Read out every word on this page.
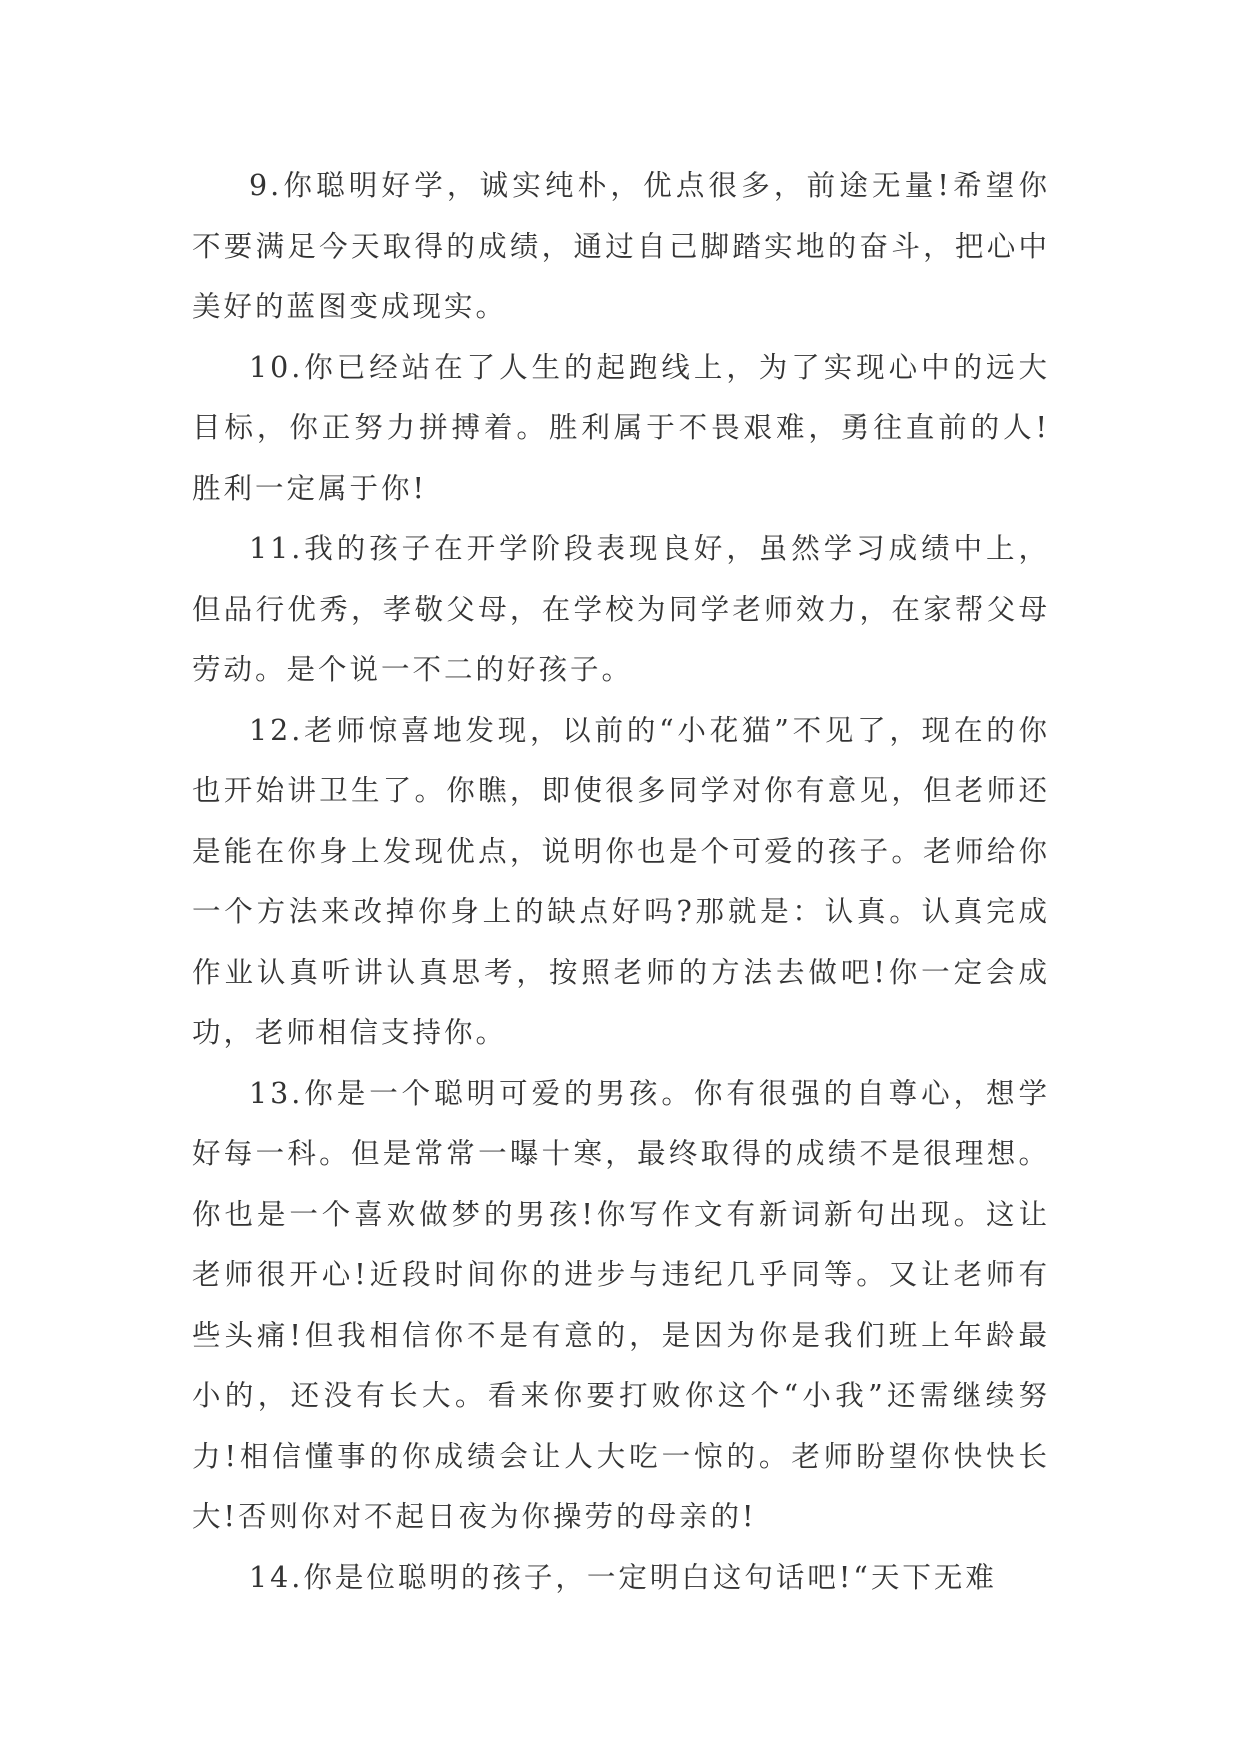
9.你聪明好学，诚实纯朴，优点很多，前途无量!希望你不要满足今天取得的成绩，通过自己脚踏实地的奋斗，把心中美好的蓝图变成现实。

10.你已经站在了人生的起跑线上，为了实现心中的远大目标，你正努力拼搏着。胜利属于不畏艰难，勇往直前的人!胜利一定属于你!

11.我的孩子在开学阶段表现良好，虽然学习成绩中上，但品行优秀，孝敬父母，在学校为同学老师效力，在家帮父母劳动。是个说一不二的好孩子。

12.老师惊喜地发现，以前的“小花猫”不见了，现在的你也开始讲卫生了。你瞧，即使很多同学对你有意见，但老师还是能在你身上发现优点，说明你也是个可爱的孩子。老师给你一个方法来改掉你身上的缺点好吗?那就是：认真。认真完成作业认真听讲认真思考，按照老师的方法去做吧!你一定会成功，老师相信支持你。

13.你是一个聪明可爱的男孩。你有很强的自尊心，想学好每一科。但是常常一曝十寒，最终取得的成绩不是很理想。你也是一个喜欢做梦的男孩!你写作文有新词新句出现。这让老师很开心!近段时间你的进步与违纪几乎同等。又让老师有些头痛!但我相信你不是有意的，是因为你是我们班上年龄最小的，还没有长大。看来你要打败你这个“小我”还需继续努力!相信懂事的你成绩会让人大吃一惊的。老师盼望你快快长大!否则你对不起日夜为你操劳的母亲的!

14.你是位聪明的孩子，一定明白这句话吧!“天下无难
